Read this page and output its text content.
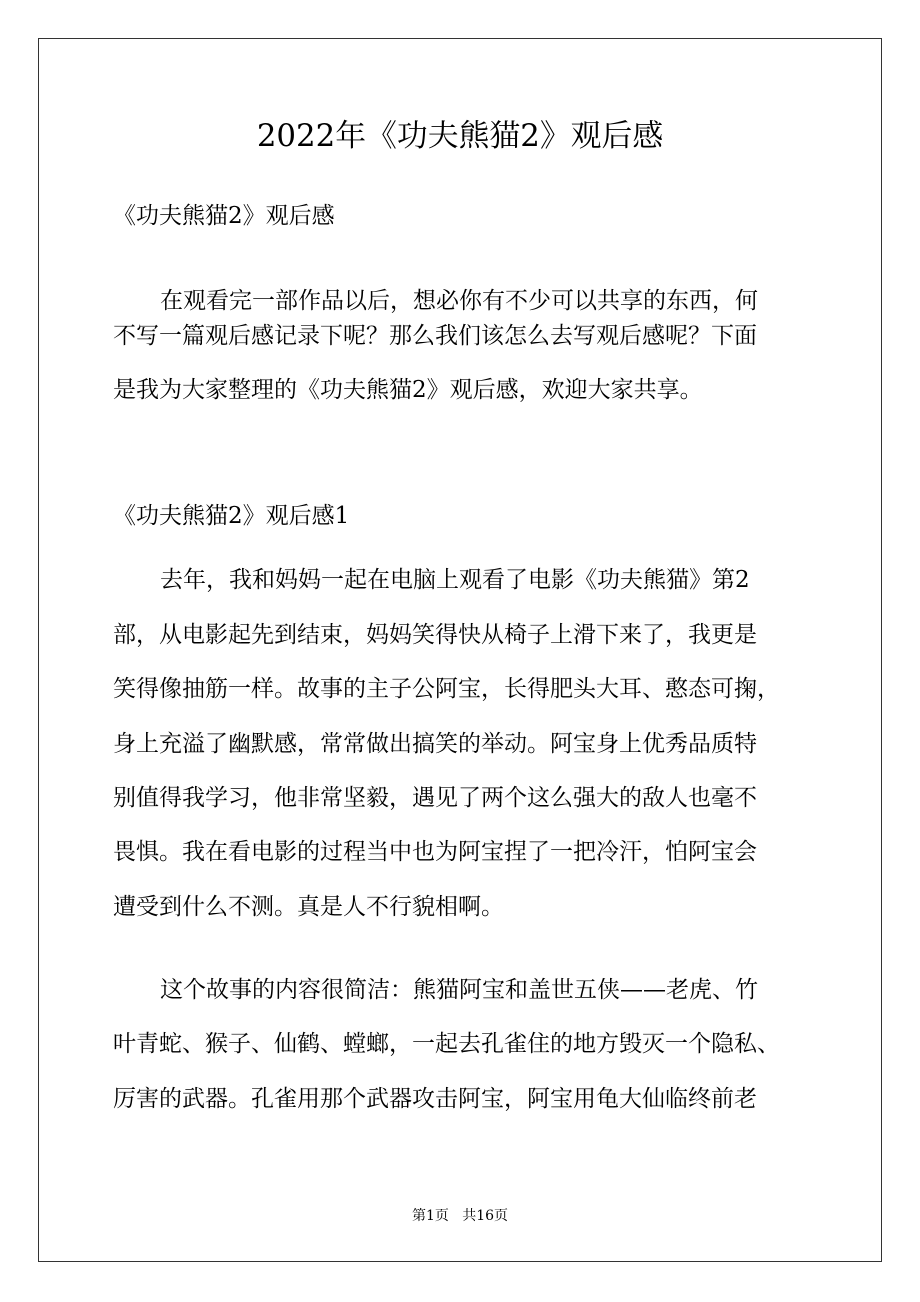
2022年《功夫熊猫2》观后感
《功夫熊猫2》观后感
在观看完一部作品以后，想必你有不少可以共享的东西，何
不写一篇观后感记录下呢？那么我们该怎么去写观后感呢？下面
是我为大家整理的《功夫熊猫2》观后感，欢迎大家共享。
《功夫熊猫2》观后感1
去年，我和妈妈一起在电脑上观看了电影《功夫熊猫》第2
部，从电影起先到结束，妈妈笑得快从椅子上滑下来了，我更是
笑得像抽筋一样。故事的主子公阿宝，长得肥头大耳、憨态可掬，
身上充溢了幽默感，常常做出搞笑的举动。阿宝身上优秀品质特
别值得我学习，他非常坚毅，遇见了两个这么强大的敌人也毫不
畏惧。我在看电影的过程当中也为阿宝捏了一把冷汗，怕阿宝会
遭受到什么不测。真是人不行貌相啊。
这个故事的内容很简洁：熊猫阿宝和盖世五侠——老虎、竹
叶青蛇、猴子、仙鹤、螳螂，一起去孔雀住的地方毁灭一个隐私、
厉害的武器。孔雀用那个武器攻击阿宝，阿宝用龟大仙临终前老
第1页   共16页
